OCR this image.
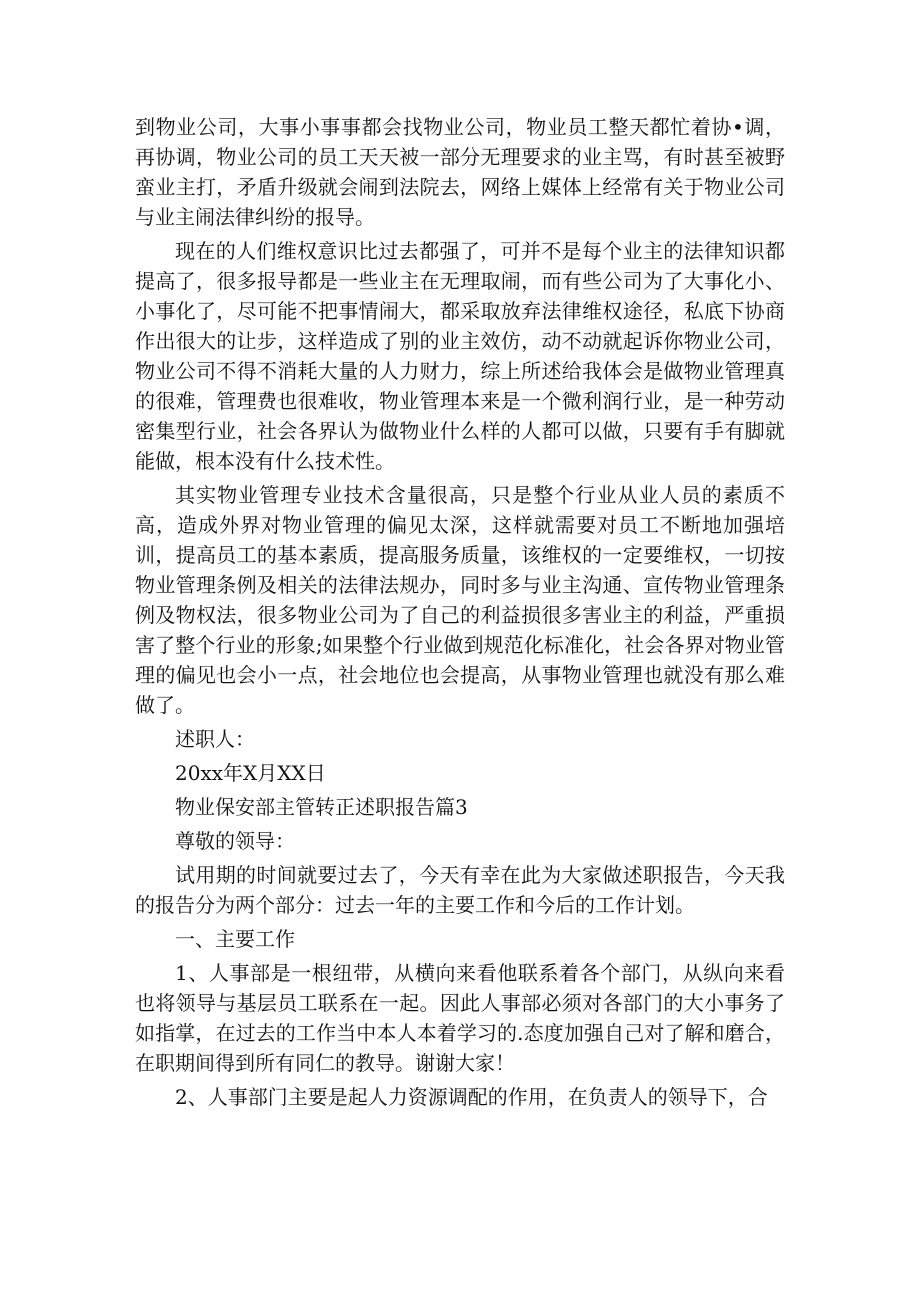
到物业公司，大事小事事都会找物业公司，物业员工整天都忙着协•调，再协调，物业公司的员工天天被一部分无理要求的业主骂，有时甚至被野蛮业主打，矛盾升级就会闹到法院去，网络上媒体上经常有关于物业公司与业主闹法律纠纷的报导。

现在的人们维权意识比过去都强了，可并不是每个业主的法律知识都提高了，很多报导都是一些业主在无理取闹，而有些公司为了大事化小、小事化了，尽可能不把事情闹大，都采取放弃法律维权途径，私底下协商作出很大的让步，这样造成了别的业主效仿，动不动就起诉你物业公司，物业公司不得不消耗大量的人力财力，综上所述给我体会是做物业管理真的很难，管理费也很难收，物业管理本来是一个微利润行业，是一种劳动密集型行业，社会各界认为做物业什么样的人都可以做，只要有手有脚就能做，根本没有什么技术性。

其实物业管理专业技术含量很高，只是整个行业从业人员的素质不高，造成外界对物业管理的偏见太深，这样就需要对员工不断地加强培训，提高员工的基本素质，提高服务质量，该维权的一定要维权，一切按物业管理条例及相关的法律法规办，同时多与业主沟通、宣传物业管理条例及物权法，很多物业公司为了自己的利益损很多害业主的利益，严重损害了整个行业的形象;如果整个行业做到规范化标准化，社会各界对物业管理的偏见也会小一点，社会地位也会提高，从事物业管理也就没有那么难做了。

述职人：

20xx年X月XX日

物业保安部主管转正述职报告篇3

尊敬的领导：

试用期的时间就要过去了，今天有幸在此为大家做述职报告，今天我的报告分为两个部分：过去一年的主要工作和今后的工作计划。

一、主要工作

1、人事部是一根纽带，从横向来看他联系着各个部门，从纵向来看也将领导与基层员工联系在一起。因此人事部必须对各部门的大小事务了如指掌，在过去的工作当中本人本着学习的.态度加强自己对了解和磨合，在职期间得到所有同仁的教导。谢谢大家！

2、人事部门主要是起人力资源调配的作用，在负责人的领导下，合
